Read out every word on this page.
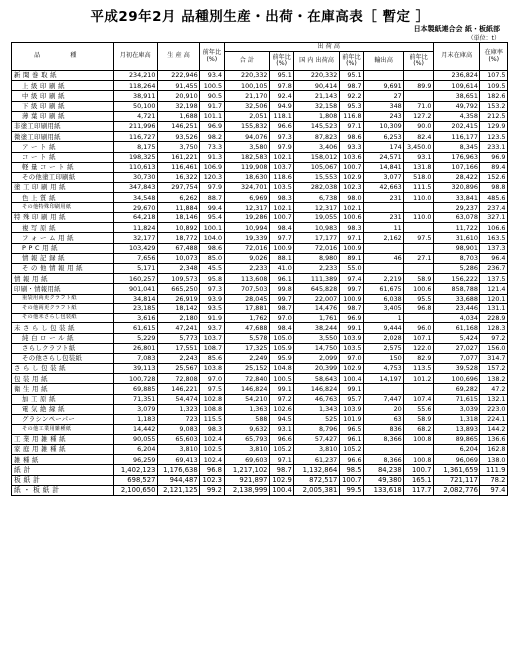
平成29年2月 品種別生産・出荷・在庫高表［ 暫定 ］
日本製紙連合会 紙・板紙部
（単位：t）
品 種	月初在庫高	生 産 高	前年比 (%)	出 荷 高						月末在庫高	在庫率 (%)
				合 計	前年比 (%)	国 内 出荷高	前年比 (%)	輸出高	前年比 (%)		
新 聞 巻 取 紙	234,210	222,946	93.4	220,332	95.1	220,332	95.1			236,824	107.5
上 級 印 刷 紙	118,264	91,455	100.5	100,105	97.8	90,414	98.7	9,691	89.9	109,614	109.5
中 級 印 刷 紙	38,911	20,910	90.5	21,170	92.4	21,143	92.2	27		38,651	182.6
下 級 印 刷 紙	50,100	32,198	91.7	32,506	94.9	32,158	95.3	348	71.0	49,792	153.2
薄 葉 印 刷 紙	4,721	1,688	101.1	2,051	118.1	1,808	116.8	243	127.2	4,358	212.5
非塗工印刷用紙	211,996	146,251	96.9	155,832	96.6	145,523	97.1	10,309	90.0	202,415	129.9
微塗工印刷用紙	116,727	93,526	98.2	94,076	97.3	87,823	98.6	6,253	82.4	116,177	123.5
ア ー ト 紙	8,175	3,750	73.3	3,580	97.9	3,406	93.3	174	3,450.0	8,345	233.1
コ ー ト 紙	198,325	161,221	91.3	182,583	102.1	158,012	103.6	24,571	93.1	176,963	96.9
軽 量 コ ー ト 紙	110,613	116,461	106.9	119,908	103.7	105,067	100.7	14,841	131.8	107,166	89.4
その他塗工印刷紙	30,730	16,322	120.3	18,630	118.6	15,553	102.9	3,077	518.0	28,422	152.6
塗 工 印 刷 用 紙	347,843	297,754	97.9	324,701	103.5	282,038	102.3	42,663	111.5	320,896	98.8
色 上 質 紙	34,548	6,262	88.7	6,969	98.3	6,738	98.0	231	110.0	33,841	485.6
その他特殊印刷用紙	29,670	11,884	99.4	12,317	102.1	12,317	102.1			29,237	237.4
特 殊 印 刷 用 紙	64,218	18,146	95.4	19,286	100.7	19,055	100.6	231	110.0	63,078	327.1
複 写 原 紙	11,824	10,892	100.1	10,994	98.4	10,983	98.3	11		11,722	106.6
フ ォ ー ム 用 紙	32,177	18,772	104.0	19,339	97.7	17,177	97.1	2,162	97.5	31,610	163.5
P P C 用 紙	103,429	67,488	98.6	72,016	100.9	72,016	100.9			98,901	137.3
情 報 記 録 紙	7,656	10,073	85.0	9,026	88.1	8,980	89.1	46	27.1	8,703	96.4
そ の 他 情 報 用 紙	5,171	2,348	45.5	2,233	41.0	2,233	55.0			5,286	236.7
情 報 用 紙	160,257	109,573	95.8	113,608	96.1	111,389	97.4	2,219	58.9	156,222	137.5
印刷・情報用紙	901,041	665,250	97.3	707,503	99.8	645,828	99.7	61,675	100.6	858,788	121.4
重袋用両更クラフト紙	34,814	26,919	93.9	28,045	99.7	22,007	100.9	6,038	95.5	33,688	120.1
その他両更クラフト紙	23,185	18,142	93.5	17,881	98.7	14,476	98.7	3,405	96.8	23,446	131.1
その他未さらし包装紙	3,616	2,180	91.9	1,762	97.0	1,761	96.9	1		4,034	228.9
未 さ ら し 包 装 紙	61,615	47,241	93.7	47,688	98.4	38,244	99.1	9,444	96.0	61,168	128.3
純 白 ロ ー ル 紙	5,229	5,773	103.7	5,578	105.0	3,550	103.9	2,028	107.1	5,424	97.2
さらしクラフト紙	26,801	17,551	108.7	17,325	105.9	14,750	103.5	2,575	122.0	27,027	156.0
その他さらし包装紙	7,083	2,243	85.6	2,249	95.9	2,099	97.0	150	82.9	7,077	314.7
さ ら し 包 装 紙	39,113	25,567	103.8	25,152	104.8	20,399	102.9	4,753	113.5	39,528	157.2
包 装 用 紙	100,728	72,808	97.0	72,840	100.5	58,643	100.4	14,197	101.2	100,696	138.2
衛 生 用 紙	69,885	146,221	97.5	146,824	99.1	146,824	99.1			69,282	47.2
加 工 原 紙	71,351	54,474	102.8	54,210	97.2	46,763	95.7	7,447	107.4	71,615	132.1
電 気 絶 縁 紙	3,079	1,323	108.8	1,363	102.6	1,343	103.9	20	55.6	3,039	223.0
グラシンペーパー	1,183	723	115.5	588	94.5	525	101.9	63	58.9	1,318	224.1
その他工業用雑種紙	14,442	9,083	98.3	9,632	93.1	8,796	96.5	836	68.2	13,893	144.2
工 業 用 雑 種 紙	90,055	65,603	102.4	65,793	96.6	57,427	96.1	8,366	100.8	89,865	136.6
家 庭 用 雑 種 紙	6,204	3,810	102.5	3,810	105.2	3,810	105.2			6,204	162.8
雑 種 紙	96,259	69,413	102.4	69,603	97.1	61,237	96.6	8,366	100.8	96,069	138.0
紙 計	1,402,123	1,176,638	96.8	1,217,102	98.7	1,132,864	98.5	84,238	100.7	1,361,659	111.9
板 紙 計	698,527	944,487	102.3	921,897	102.9	872,517	100.7	49,380	165.1	721,117	78.2
紙 ・ 板 紙 計	2,100,650	2,121,125	99.2	2,138,999	100.4	2,005,381	99.5	133,618	117.7	2,082,776	97.4
